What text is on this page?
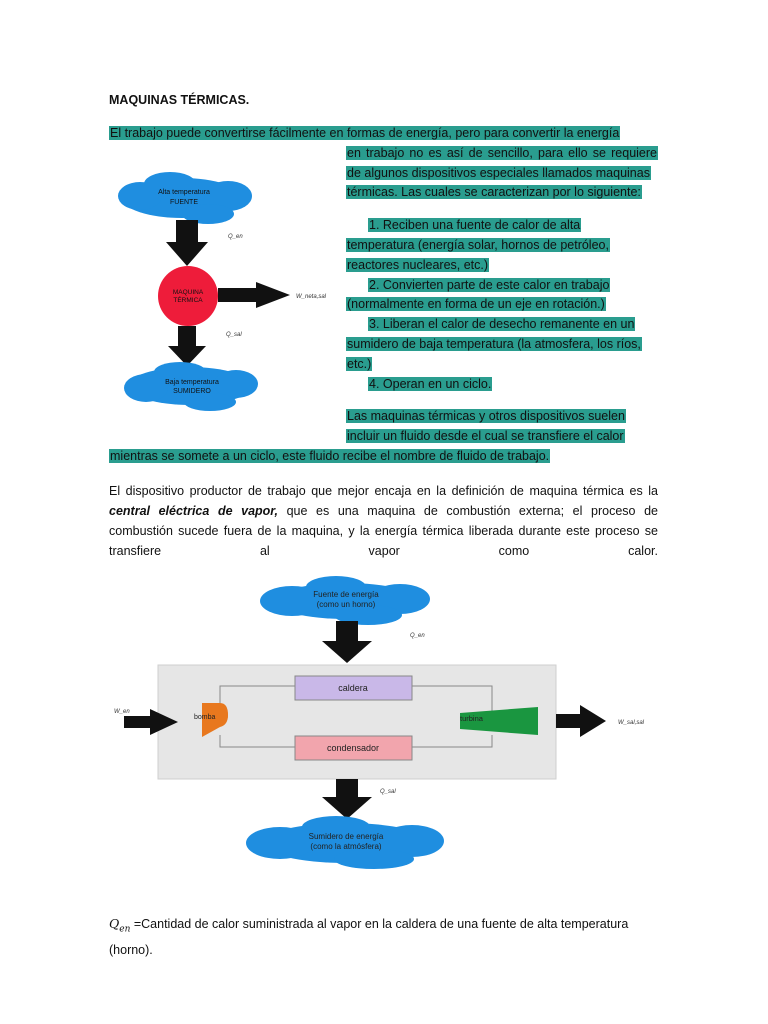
MAQUINAS TÉRMICAS.
El trabajo puede convertirse fácilmente en formas de energía, pero para convertir la energía
en trabajo no es así de sencillo, para ello se requiere
de algunos dispositivos especiales llamados maquinas
térmicas. Las cuales se caracterizan por lo siguiente:
1. Reciben una fuente de calor de alta
temperatura (energía solar, hornos de petróleo,
reactores nucleares, etc.)
2. Convierten parte de este calor en trabajo
(normalmente en forma de un eje en rotación.)
3. Liberan el calor de desecho remanente en un
sumidero de baja temperatura (la atmosfera, los ríos,
etc.)
4. Operan en un ciclo.
Las maquinas térmicas y otros dispositivos suelen
incluir un fluido desde el cual se transfiere el calor
mientras se somete a un ciclo, este fluido recibe el nombre de fluido de trabajo.
Alta temperatura
FUENTE
Q_en
MAQUINA
TÉRMICA	W_neta,sal
Q_sal
Baja temperatura
SUMIDERO
El dispositivo productor de trabajo que mejor encaja en la definición de maquina térmica es la
central eléctrica de vapor, que es una maquina de combustión externa; el proceso de
combustión sucede fuera de la maquina, y la energía térmica liberada durante este proceso se
transfiere al vapor como calor.
Fuente de energía
(como un horno)
Q_en
caldera
condensador
bomba	turbina
W_en
W_sal,sal
Q_sal
Sumidero de energía
(como la atmósfera)
$Q_{en}$ =Cantidad de calor suministrada al vapor en la caldera de una fuente de alta temperatura
(horno).
